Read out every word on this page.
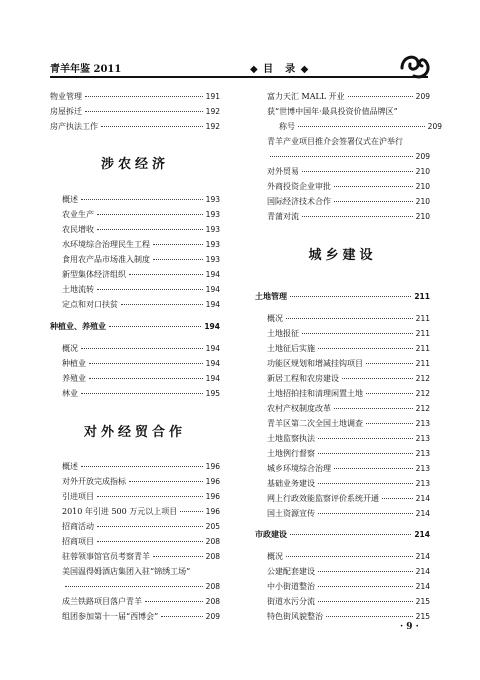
青羊年鉴 2011	◆ 目　录 ◆
物业管理	191
房屋拆迁	192
房产执法工作	192
涉农经济
概述	193
农业生产	193
农民增收	193
水环境综合治理民生工程	193
食用农产品市场准入制度	193
新型集体经济组织	194
土地流转	194
定点和对口扶贫	194
种植业、养殖业	194
概况	194
种植业	194
养殖业	194
林业	195
对外经贸合作
概述	196
对外开放完成指标	196
引进项目	196
2010 年引进 500 万元以上项目	196
招商活动	205
招商项目	208
驻蓉领事馆官员考察青羊	208
美国温得姆酒店集团入驻“锦绣工场”
208
成兰铁路项目落户青羊	208
组团参加第十一届“西博会”	209
富力天汇 MALL 开业	209
获“世博中国年·最具投资价值品牌区”
称号	209
青羊产业项目推介会签署仪式在沪举行
209
对外贸易	210
外商投资企业审批	210
国际经济技术合作	210
青蒲对流	210
城乡建设
土地管理	211
概况	211
土地报征	211
土地征后实施	211
功能区规划和增减挂钩项目	211
新居工程和农房建设	212
土地招拍挂和清理闲置土地	212
农村产权制度改革	212
青羊区第二次全国土地调查	213
土地监察执法	213
土地例行督察	213
城乡环境综合治理	213
基础业务建设	213
网上行政效能监察评价系统开通	214
国土资源宣传	214
市政建设	214
概况	214
公建配套建设	214
中小街道整治	214
街道水污分流	215
特色街风貌整治	215
· 9 ·
